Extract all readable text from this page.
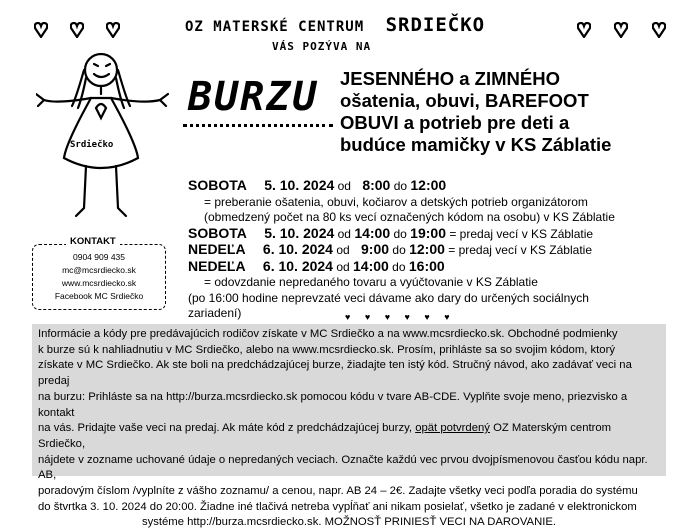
OZ MATERSKÉ CENTRUM SRDIEČKO
VÁS POZÝVA NA
BURZU JESENNÉHO a ZIMNÉHO
ošatenia, obuvi, BAREFOOT
OBUVI a potrieb pre deti a
budúce mamičky v KS Záblatie
Srdiečko
SOBOTA 5. 10. 2024 od 8:00 do 12:00
= preberanie ošatenia, obuvi, kočiarov a detských potrieb organizátorom
(obmedzený počet na 80 ks vecí označených kódom na osobu) v KS Záblatie
SOBOTA 5. 10. 2024 od 14:00 do 19:00 = predaj vecí v KS Záblatie
NEDEĽA 6. 10. 2024 od 9:00 do 12:00 = predaj vecí v KS Záblatie
NEDEĽA 6. 10. 2024 od 14:00 do 16:00
= odovzdanie nepredaného tovaru a vyúčtovanie v KS Záblatie
(po 16:00 hodine neprevzaté veci dávame ako dary do určených sociálnych
zariadení)
0904 909 435
mc@mcsrdiecko.sk
www.mcsrdiecko.sk
Facebook MC Srdiečko
KONTAKT
♥ ♥ ♥ ♥ ♥ ♥

Informácie a kódy pre predávajúcich rodičov získate v MC Srdiečko a na www.mcsrdiecko.sk. Obchodné podmienky

k burze sú k nahliadnutiu v MC Srdiečko, alebo na www.mcsrdiecko.sk. Prosím, prihláste sa so svojim kódom, ktorý

získate v MC Srdiečko. Ak ste boli na predchádzajúcej burze, žiadajte ten istý kód. Stručný návod, ako zadávať veci na predaj

na burzu: Prihláste sa na http://burza.mcsrdiecko.sk pomocou kódu v tvare AB-CDE. Vyplňte svoje meno, priezvisko a kontakt

na vás. Pridajte vaše veci na predaj. Ak máte kód z predchádzajúcej burzy, opät potvrdený OZ Materským centrom Srdiečko,

nájdete v zozname uchované údaje o nepredaných veciach. Označte každú vec prvou dvojpísmenovou časťou kódu napr. AB,

poradovým číslom /vyplníte z vášho zoznamu/ a cenou, napr. AB 24 – 2€. Zadajte všetky veci podľa poradia do systému

do štvrtka 3. 10. 2024 do 20:00. Žiadne iné tlačivá netreba vypĺňať ani nikam posielať, všetko je zadané v elektronickom

systéme http://burza.mcsrdiecko.sk. MOŽNOSŤ PRINIESŤ VECI NA DAROVANIE.
